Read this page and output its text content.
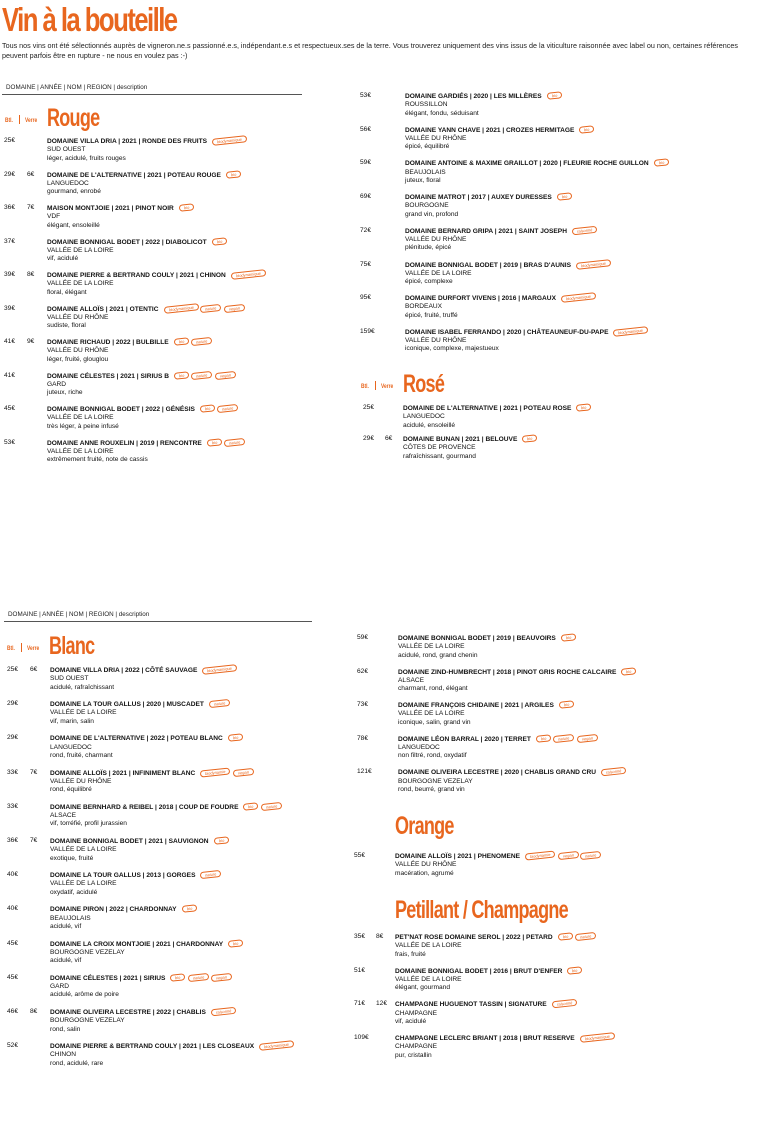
Vin à la bouteille
Tous nos vins ont été sélectionnés auprès de vigneron.ne.s passionné.e.s, indépendant.e.s et respectueux.ses de la terre. Vous trouverez uniquement des vins issus de la viticulture raisonnée avec label ou non, certaines références peuvent parfois être en rupture - ne nous en voulez pas :-)
DOMAINE | ANNÉE | NOM | REGION | description
Btl. Verre Rouge
25€	DOMAINE VILLA DRIA | 2021 | RONDE DES FRUITS biodynamique
SUD OUEST
léger, acidulé, fruits rouges
29€ 6€ DOMAINE DE L'ALTERNATIVE | 2021 | POTEAU ROUGE bio
LANGUEDOC
gourmand, enrobé
36€ 7€ MAISON MONTJOIE | 2021 | PINOT NOIR bio
VDF
élégant, ensoleillé
37€	DOMAINE BONNIGAL BODET | 2022 | DIABOLICOT bio
VALLÉE DE LA LOIRE
vif, acidulé
39€ 8€ DOMAINE PIERRE & BERTRAND COULY | 2021 | CHINON biodynamique
VALLÉE DE LA LOIRE
floral, élégant
39€	DOMAINE ALLOÏS | 2021 | OTENTIC biodynamique	nature	vegan
VALLÉE DU RHÔNE
sudiste, floral
41€ 9€ DOMAINE RICHAUD | 2022 | BULBILLE bio	nature
VALLÉE DU RHÔNE
léger, fruité, glouglou
41€	DOMAINE CÉLESTES | 2021 | SIRIUS B bio	nature	vegan
GARD
juteux, riche
45€	DOMAINE BONNIGAL BODET | 2022 | GÉNÉSIS bio	nature
VALLÉE DE LA LOIRE
très léger, à peine infusé
53€	DOMAINE ANNE ROUXELIN | 2019 | RENCONTRE bio	nature
VALLÉE DE LA LOIRE
extrêmement fruité, note de cassis
53€	DOMAINE GARDIÉS | 2020 | LES MILLÈRES bio
ROUSSILLON
élégant, fondu, séduisant
56€	DOMAINE YANN CHAVE | 2021 | CROZES HERMITAGE bio
VALLÉE DU RHÔNE
épicé, équilibré
59€	DOMAINE ANTOINE & MAXIME GRAILLOT | 2020 | FLEURIE ROCHE GUILLON bio
BEAUJOLAIS
juteux, floral
69€	DOMAINE MATROT | 2017 | AUXEY DURESSES bio
BOURGOGNE
grand vin, profond
72€	DOMAINE BERNARD GRIPA | 2021 | SAINT JOSEPH raisonné
VALLÉE DU RHÔNE
plénitude, épicé
75€	DOMAINE BONNIGAL BODET | 2019 | BRAS D'AUNIS biodynamique
VALLÉE DE LA LOIRE
épicé, complexe
95€	DOMAINE DURFORT VIVENS | 2016 | MARGAUX biodynamique
BORDEAUX
épicé, fruité, truffé
159€	DOMAINE ISABEL FERRANDO | 2020 | CHÂTEAUNEUF-DU-PAPE biodynamique
VALLÉE DU RHÔNE
iconique, complexe, majestueux
Btl. Verre Rosé
25€	DOMAINE DE L'ALTERNATIVE | 2021 | POTEAU ROSE bio
LANGUEDOC
acidulé, ensoleillé
29€ 6€ DOMAINE BUNAN | 2021 | BELOUVE bio
CÔTES DE PROVENCE
rafraîchissant, gourmand
DOMAINE | ANNÉE | NOM | REGION | description
Btl. Verre Blanc
25€ 6€ DOMAINE VILLA DRIA | 2022 | CÔTÉ SAUVAGE biodynamique
SUD OUEST
acidulé, rafraîchissant
29€	DOMAINE LA TOUR GALLUS | 2020 | MUSCADET nature
VALLÉE DE LA LOIRE
vif, marin, salin
29€	DOMAINE DE L'ALTERNATIVE | 2022 | POTEAU BLANC bio
LANGUEDOC
rond, fruité, charmant
33€ 7€ DOMAINE ALLOÏS | 2021 | INFINIMENT BLANC biodynamie	vegan
VALLÉE DU RHÔNE
rond, équilibré
33€	DOMAINE BERNHARD & REIBEL | 2018 | COUP DE FOUDRE bio	nature
ALSACE
vif, torréfié, profil jurassien
36€ 7€ DOMAINE BONNIGAL BODET | 2021 | SAUVIGNON bio
VALLÉE DE LA LOIRE
exotique, fruité
40€	DOMAINE LA TOUR GALLUS | 2013 | GORGES nature
VALLÉE DE LA LOIRE
oxydatif, acidulé
40€	DOMAINE PIRON | 2022 | CHARDONNAY bio
BEAUJOLAIS
acidulé, vif
45€	DOMAINE LA CROIX MONTJOIE | 2021 | CHARDONNAY bio
BOURGOGNE VEZELAY
acidulé, vif
45€	DOMAINE CÉLESTES | 2021 | SIRIUS bio	nature	vegan
GARD
acidulé, arôme de poire
46€ 8€ DOMAINE OLIVEIRA LECESTRE | 2022 | CHABLIS raisonné
BOURGOGNE VEZELAY
rond, salin
52€	DOMAINE PIERRE & BERTRAND COULY | 2021 | LES CLOSEAUX biodynamique
CHINON
rond, acidulé, rare
59€	DOMAINE BONNIGAL BODET | 2019 | BEAUVOIRS bio
VALLÉE DE LA LOIRE
acidulé, rond, grand chenin
62€	DOMAINE ZIND-HUMBRECHT | 2018 | PINOT GRIS ROCHE CALCAIRE bio
ALSACE
charmant, rond, élégant
73€	DOMAINE FRANÇOIS CHIDAINE | 2021 | ARGILES bio
VALLÉE DE LA LOIRE
iconique, salin, grand vin
78€	DOMAINE LÉON BARRAL | 2020 | TERRET bio	nature	vegan
LANGUEDOC
non filtré, rond, oxydatif
121€	DOMAINE OLIVEIRA LECESTRE | 2020 | CHABLIS GRAND CRU raisonné
BOURGOGNE VEZELAY
rond, beurré, grand vin
Orange
55€	DOMAINE ALLOÏS | 2021 | PHENOMENE biodynamie	vegan	nature
VALLÉE DU RHÔNE
macération, agrumé
Petillant / Champagne
35€ 8€ PET'NAT ROSE DOMAINE SEROL | 2022 | PETARD bio	nature
VALLÉE DE LA LOIRE
frais, fruité
51€	DOMAINE BONNIGAL BODET | 2016 | BRUT D'ENFER bio
VALLÉE DE LA LOIRE
élégant, gourmand
71€ 12€ CHAMPAGNE HUGUENOT TASSIN | SIGNATURE raisonné
CHAMPAGNE
vif, acidulé
109€	CHAMPAGNE LECLERC BRIANT | 2018 | BRUT RESERVE biodynamique
CHAMPAGNE
pur, cristallin
